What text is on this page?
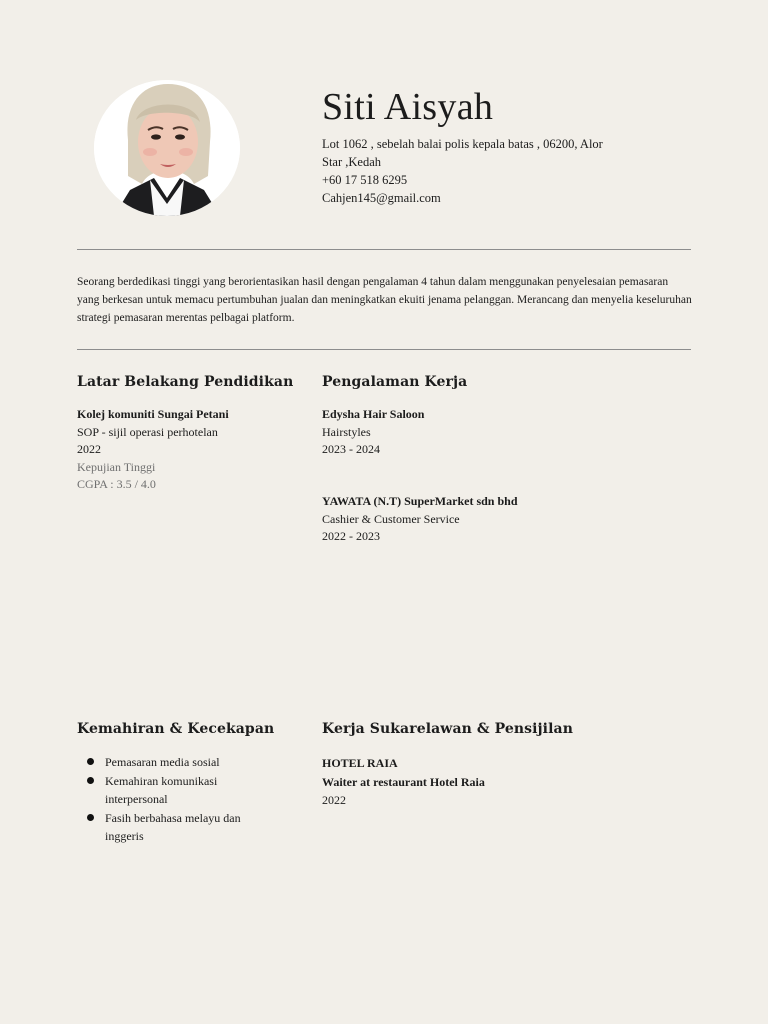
Siti Aisyah
Lot 1062 , sebelah balai polis kepala batas , 06200, Alor
Star ,Kedah
+60 17 518 6295
Cahjen145@gmail.com

Seorang berdedikasi tinggi yang berorientasikan hasil dengan pengalaman 4 tahun dalam menggunakan penyelesaian pemasaran yang berkesan untuk memacu pertumbuhan jualan dan meningkatkan ekuiti jenama pelanggan. Merancang dan menyelia keseluruhan strategi pemasaran merentas pelbagai platform.

Latar Belakang Pendidikan
Kolej komuniti Sungai Petani
SOP - sijil operasi perhotelan
2022
Kepujian Tinggi
CGPA : 3.5 / 4.0
Pengalaman Kerja
Edysha Hair Saloon
Hairstyles
2023 - 2024
YAWATA (N.T) SuperMarket sdn bhd
Cashier & Customer Service
2022 - 2023
Kemahiran & Kecekapan
Pemasaran media sosial
Kemahiran komunikasi
interpersonal
Fasih berbahasa melayu dan
inggeris
Kerja Sukarelawan & Pensijilan
HOTEL RAIA
Waiter at restaurant Hotel Raia
2022
